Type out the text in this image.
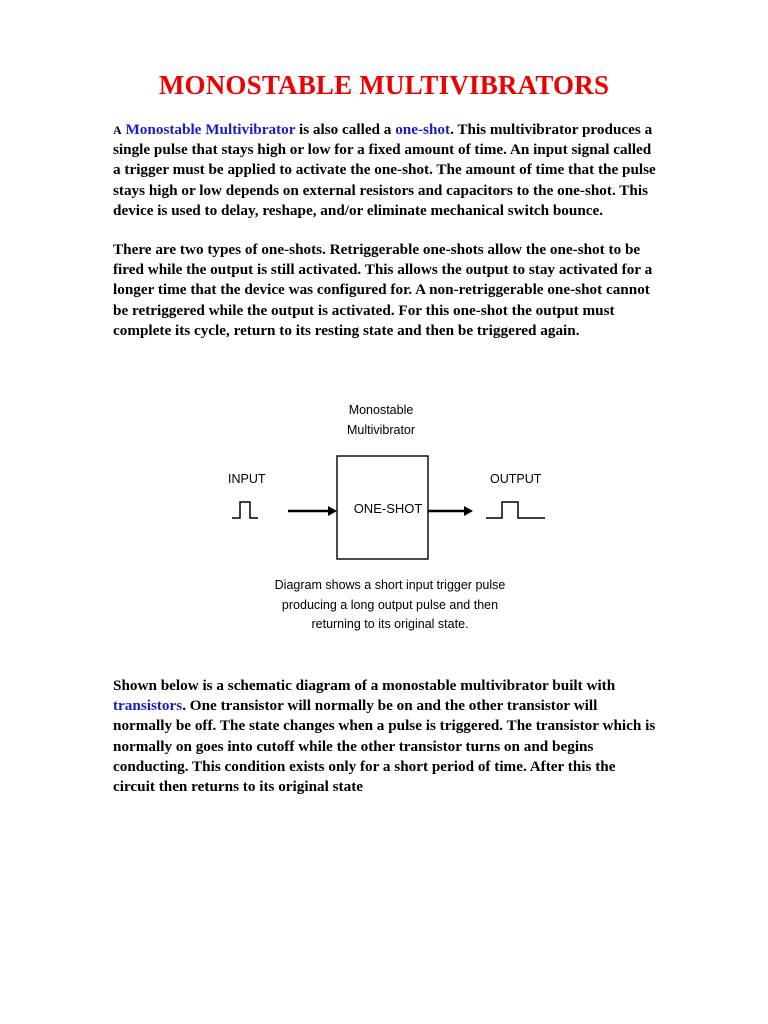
MONOSTABLE MULTIVIBRATORS

A Monostable Multivibrator is also called a one-shot. This multivibrator produces a single pulse that stays high or low for a fixed amount of time. An input signal called a trigger must be applied to activate the one-shot. The amount of time that the pulse stays high or low depends on external resistors and capacitors to the one-shot. This device is used to delay, reshape, and/or eliminate mechanical switch bounce.

There are two types of one-shots. Retriggerable one-shots allow the one-shot to be fired while the output is still activated. This allows the output to stay activated for a longer time that the device was configured for. A non-retriggerable one-shot cannot be retriggered while the output is activated. For this one-shot the output must complete its cycle, return to its resting state and then be triggered again.

Monostable
Multivibrator
INPUT	OUTPUT
ONE-SHOT
Diagram shows a short input trigger pulse
producing a long output pulse and then
returning to its original state.

Shown below is a schematic diagram of a monostable multivibrator built with transistors. One transistor will normally be on and the other transistor will normally be off. The state changes when a pulse is triggered. The transistor which is normally on goes into cutoff while the other transistor turns on and begins conducting. This condition exists only for a short period of time. After this the circuit then returns to its original state
